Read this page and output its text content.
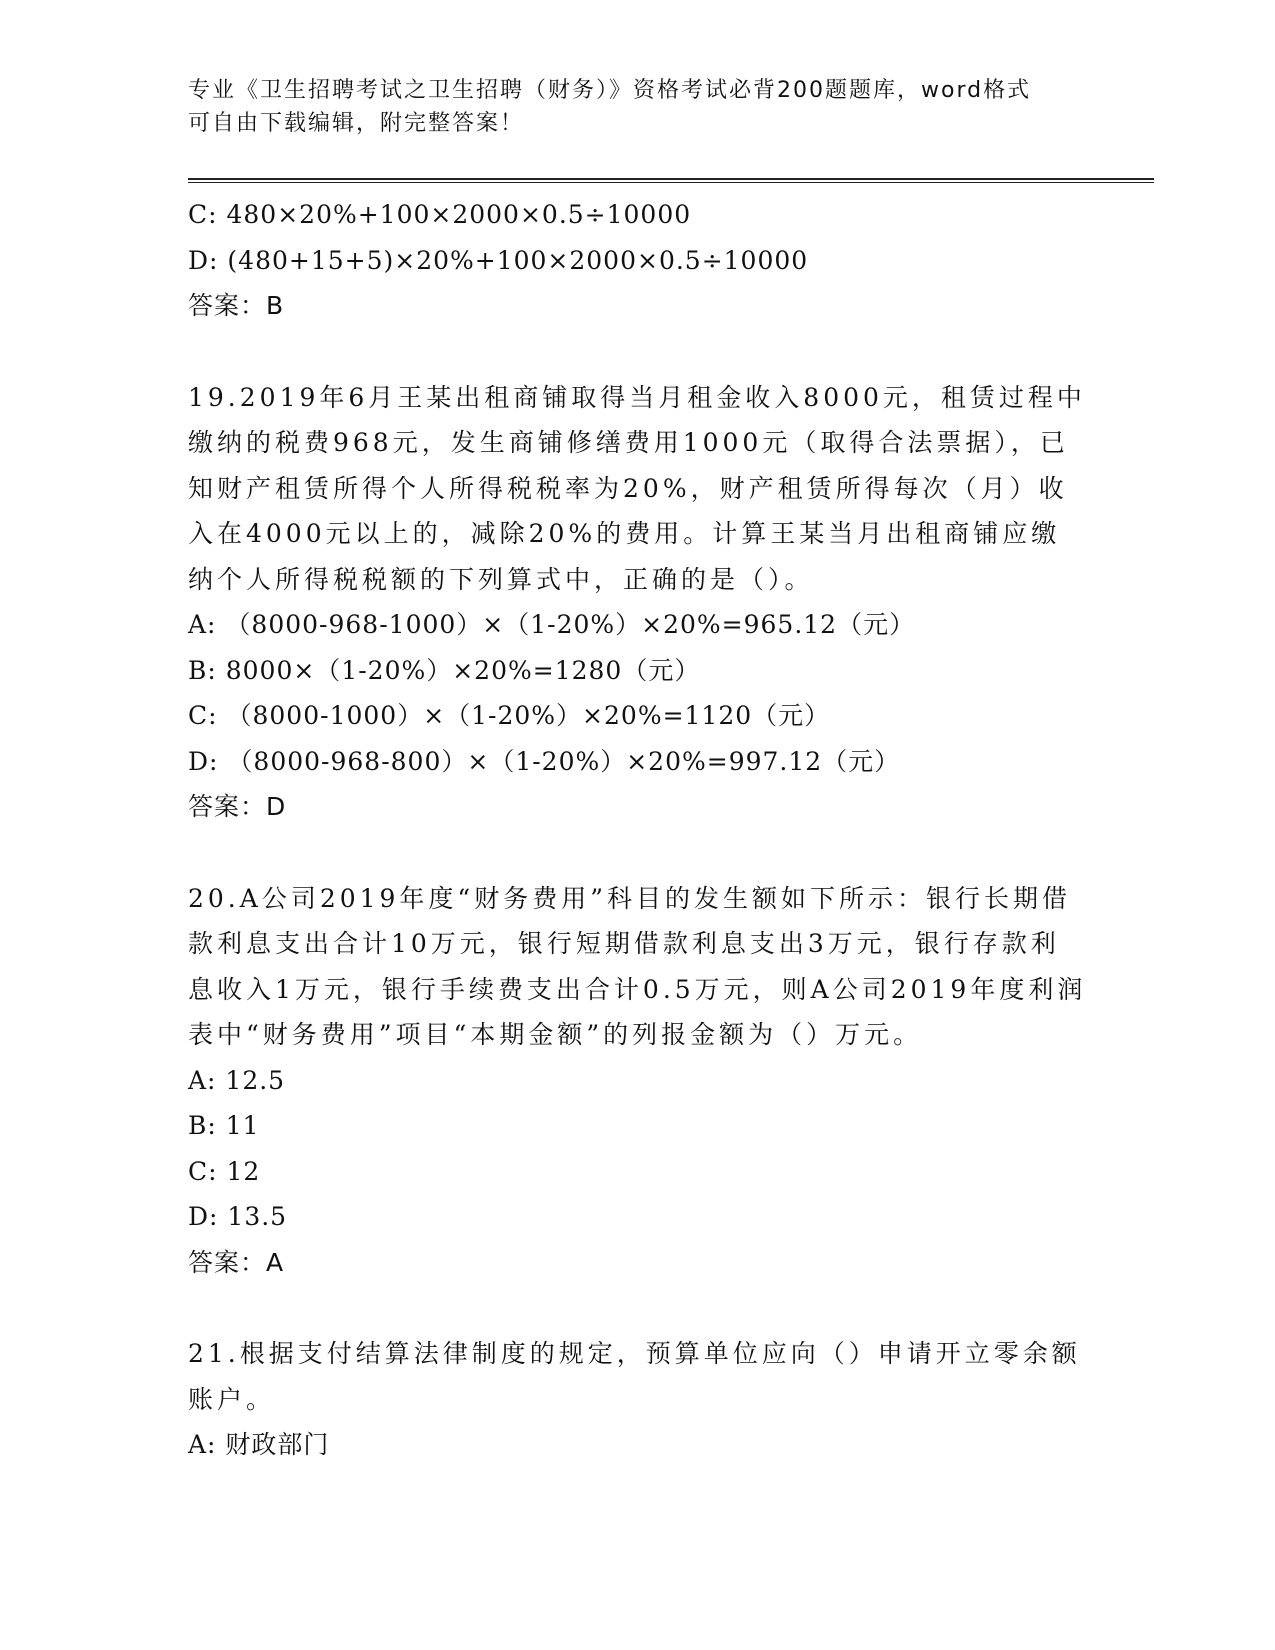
专业《卫生招聘考试之卫生招聘（财务）》资格考试必背200题题库，word格式
可自由下载编辑，附完整答案！
C: 480×20%+100×2000×0.5÷10000
D: (480+15+5)×20%+100×2000×0.5÷10000
答案：B
19.2019年6月王某出租商铺取得当月租金收入8000元，租赁过程中缴纳的税费968元，发生商铺修缮费用1000元（取得合法票据），已知财产租赁所得个人所得税税率为20%，财产租赁所得每次（月）收入在4000元以上的，减除20%的费用。计算王某当月出租商铺应缴纳个人所得税税额的下列算式中，正确的是（）。
A: （8000-968-1000）×（1-20%）×20%=965.12（元）
B: 8000×（1-20%）×20%=1280（元）
C: （8000-1000）×（1-20%）×20%=1120（元）
D: （8000-968-800）×（1-20%）×20%=997.12（元）
答案：D
20.A公司2019年度“财务费用”科目的发生额如下所示：银行长期借款利息支出合计10万元，银行短期借款利息支出3万元，银行存款利息收入1万元，银行手续费支出合计0.5万元，则A公司2019年度利润表中“财务费用”项目“本期金额”的列报金额为（）万元。
A: 12.5
B: 11
C: 12
D: 13.5
答案：A
21.根据支付结算法律制度的规定，预算单位应向（）申请开立零余额账户。
A: 财政部门
